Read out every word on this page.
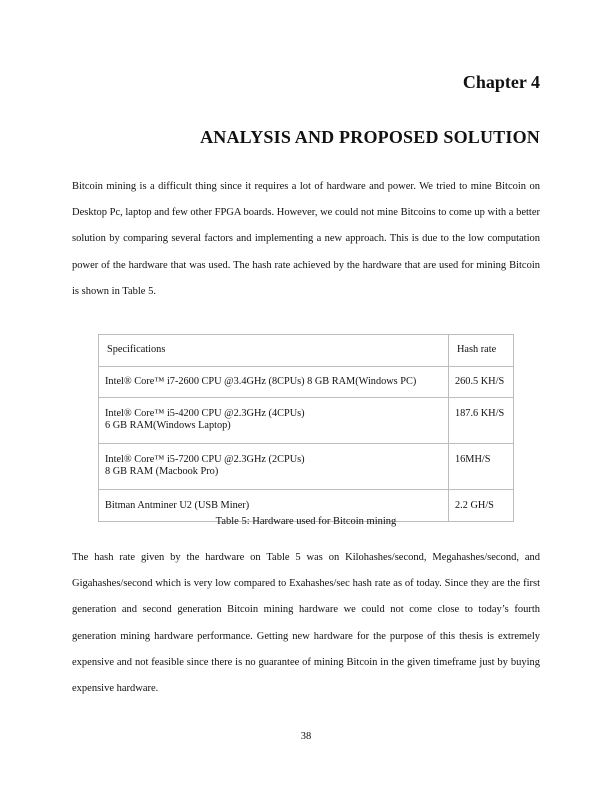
Chapter 4
ANALYSIS AND PROPOSED SOLUTION

Bitcoin mining is a difficult thing since it requires a lot of hardware and power. We tried to mine Bitcoin on Desktop Pc, laptop and few other FPGA boards. However, we could not mine Bitcoins to come up with a better solution by comparing several factors and implementing a new approach. This is due to the low computation power of the hardware that was used. The hash rate achieved by the hardware that are used for mining Bitcoin is shown in Table 5.

Specifications	Hash rate
Intel® Core™ i7-2600 CPU @3.4GHz (8CPUs) 8 GB RAM(Windows PC)	260.5 KH/S
Intel® Core™ i5-4200 CPU @2.3GHz (4CPUs)
6 GB RAM(Windows Laptop)	187.6 KH/S
Intel® Core™ i5-7200 CPU @2.3GHz (2CPUs)
8 GB RAM (Macbook Pro)	16MH/S
Bitman Antminer U2 (USB Miner)	2.2 GH/S

Table 5: Hardware used for Bitcoin mining

The hash rate given by the hardware on Table 5 was on Kilohashes/second, Megahashes/second, and Gigahashes/second which is very low compared to Exahashes/sec hash rate as of today. Since they are the first generation and second generation Bitcoin mining hardware we could not come close to today’s fourth generation mining hardware performance. Getting new hardware for the purpose of this thesis is extremely expensive and not feasible since there is no guarantee of mining Bitcoin in the given timeframe just by buying expensive hardware.

38
